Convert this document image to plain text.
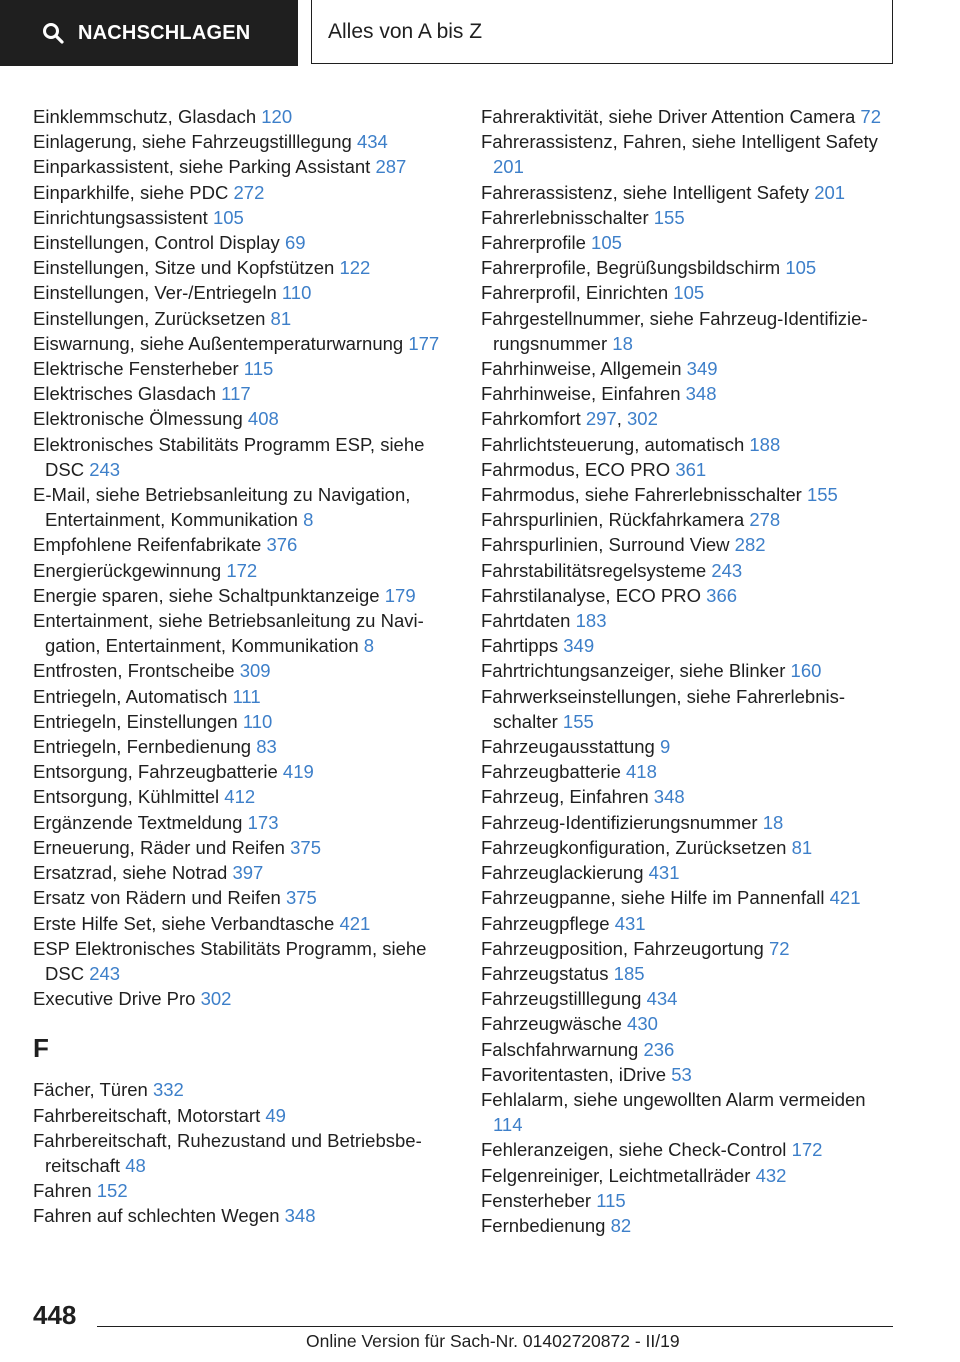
NACHSCHLAGEN	Alles von A bis Z

Einklemmschutz, Glasdach 120

Einlagerung, siehe Fahrzeugstilllegung 434

Einparkassistent, siehe Parking Assistant 287

Einparkhilfe, siehe PDC 272

Einrichtungsassistent 105

Einstellungen, Control Display 69

Einstellungen, Sitze und Kopfstützen 122

Einstellungen, Ver-/Entriegeln 110

Einstellungen, Zurücksetzen 81

Eiswarnung, siehe Außentemperaturwarnung 177

Elektrische Fensterheber 115

Elektrisches Glasdach 117

Elektronische Ölmessung 408

Elektronisches Stabilitäts Programm ESP, siehe DSC 243

E-Mail, siehe Betriebsanleitung zu Navigation, Entertainment, Kommunikation 8

Empfohlene Reifenfabrikate 376

Energierückgewinnung 172

Energie sparen, siehe Schaltpunktanzeige 179

Entertainment, siehe Betriebsanleitung zu Navigation, Entertainment, Kommunikation 8

Entfrosten, Frontscheibe 309

Entriegeln, Automatisch 111

Entriegeln, Einstellungen 110

Entriegeln, Fernbedienung 83

Entsorgung, Fahrzeugbatterie 419

Entsorgung, Kühlmittel 412

Ergänzende Textmeldung 173

Erneuerung, Räder und Reifen 375

Ersatzrad, siehe Notrad 397

Ersatz von Rädern und Reifen 375

Erste Hilfe Set, siehe Verbandtasche 421

ESP Elektronisches Stabilitäts Programm, siehe DSC 243

Executive Drive Pro 302

F

Fächer, Türen 332

Fahrbereitschaft, Motorstart 49

Fahrbereitschaft, Ruhezustand und Betriebsbereitschaft 48

Fahren 152

Fahren auf schlechten Wegen 348

Fahreraktivität, siehe Driver Attention Camera 72

Fahrerassistenz, Fahren, siehe Intelligent Safety 201

Fahrerassistenz, siehe Intelligent Safety 201

Fahrerlebnisschalter 155

Fahrerprofile 105

Fahrerprofile, Begrüßungsbildschirm 105

Fahrerprofil, Einrichten 105

Fahrgestellnummer, siehe Fahrzeug-Identifizierungsnummer 18

Fahrhinweise, Allgemein 349

Fahrhinweise, Einfahren 348

Fahrkomfort 297, 302

Fahrlichtsteuerung, automatisch 188

Fahrmodus, ECO PRO 361

Fahrmodus, siehe Fahrerlebnisschalter 155

Fahrspurlinien, Rückfahrkamera 278

Fahrspurlinien, Surround View 282

Fahrstabilitätsregelsysteme 243

Fahrstilanalyse, ECO PRO 366

Fahrtdaten 183

Fahrtipps 349

Fahrtrichtungsanzeiger, siehe Blinker 160

Fahrwerkseinstellungen, siehe Fahrerlebnisschalter 155

Fahrzeugausstattung 9

Fahrzeugbatterie 418

Fahrzeug, Einfahren 348

Fahrzeug-Identifizierungsnummer 18

Fahrzeugkonfiguration, Zurücksetzen 81

Fahrzeuglackierung 431

Fahrzeugpanne, siehe Hilfe im Pannenfall 421

Fahrzeugpflege 431

Fahrzeugposition, Fahrzeugortung 72

Fahrzeugstatus 185

Fahrzeugstilllegung 434

Fahrzeugwäsche 430

Falschfahrwarnung 236

Favoritentasten, iDrive 53

Fehlalarm, siehe ungewollten Alarm vermeiden 114

Fehleranzeigen, siehe Check-Control 172

Felgenreiniger, Leichtmetallräder 432

Fensterheber 115

Fernbedienung 82

448
Online Version für Sach-Nr. 01402720872 - II/19
